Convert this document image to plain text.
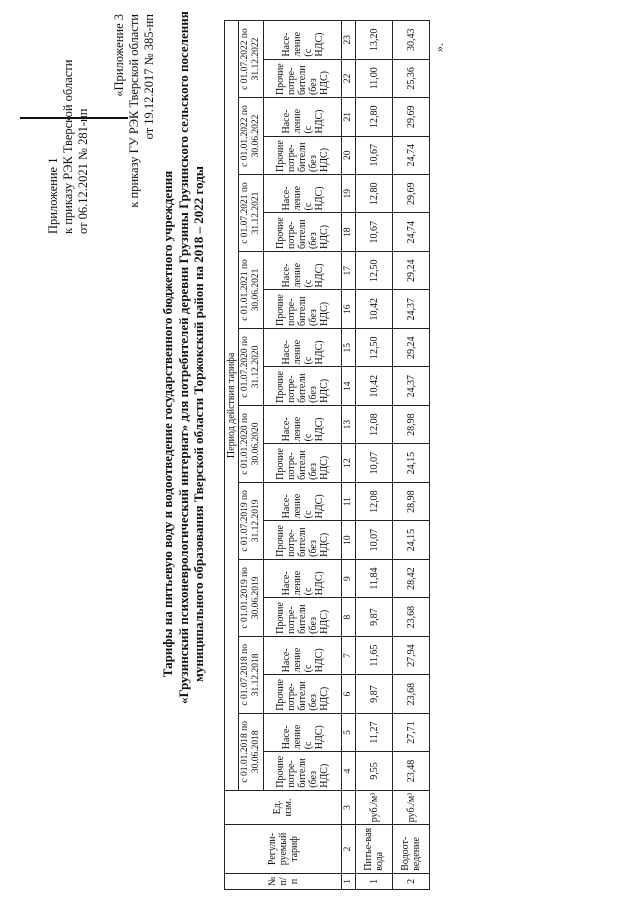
Приложение 1 к приказу РЭК Тверской области от 06.12.2021 № 281-нп
«Приложение 3 к приказу ГУ РЭК Тверской области от 19.12.2017 № 385-нп
Тарифы на питьевую воду и водоотведение государственного бюджетного учреждения «Грузинский психоневрологический интернат» для потребителей деревни Грузины Грузинского сельского поселения муниципального образования Тверской области Торжокский район на 2018 – 2022 годы
№ п/п	Регули-руемый тариф	Ед. изм.	Период действия тарифа																			
			с 01.01.2018 по 30.06.2018		с 01.07.2018 по 31.12.2018		с 01.01.2019 по 30.06.2019		с 01.07.2019 по 31.12.2019		с 01.01.2020 по 30.06.2020		с 01.07.2020 по 31.12.2020		с 01.01.2021 по 30.06.2021		с 01.07.2021 по 31.12.2021		с 01.01.2022 по 30.06.2022		с 01.07.2022 по 31.12.2022	
			Прочие потре-бители (без НДС)	Насе-ление (с НДС)	Прочие потре-бители (без НДС)	Насе-ление (с НДС)	Прочие потре-бители (без НДС)	Насе-ление (с НДС)	Прочие потре-бители (без НДС)	Насе-ление (с НДС)	Прочие потре-бители (без НДС)	Насе-ление (с НДС)	Прочие потре-бители (без НДС)	Насе-ление (с НДС)	Прочие потре-бители (без НДС)	Насе-ление (с НДС)	Прочие потре-бители (без НДС)	Насе-ление (с НДС)	Прочие потре-бители (без НДС)	Насе-ление (с НДС)	Прочие потре-бители (без НДС)	Насе-ление (с НДС)
1	2	3	4	5	6	7	8	9	10	11	12	13	14	15	16	17	18	19	20	21	22	23
1	Питье-вая вода	руб./м³	9,55	11,27	9,87	11,65	9,87	11,84	10,07	12,08	10,07	12,08	10,42	12,50	10,42	12,50	10,67	12,80	10,67	12,80	11,00	13,20
2	Водоот-ведение	руб./м³	23,48	27,71	23,68	27,94	23,68	28,42	24,15	28,98	24,15	28,98	24,37	29,24	24,37	29,24	24,74	29,69	24,74	29,69	25,36	30,43 ».
